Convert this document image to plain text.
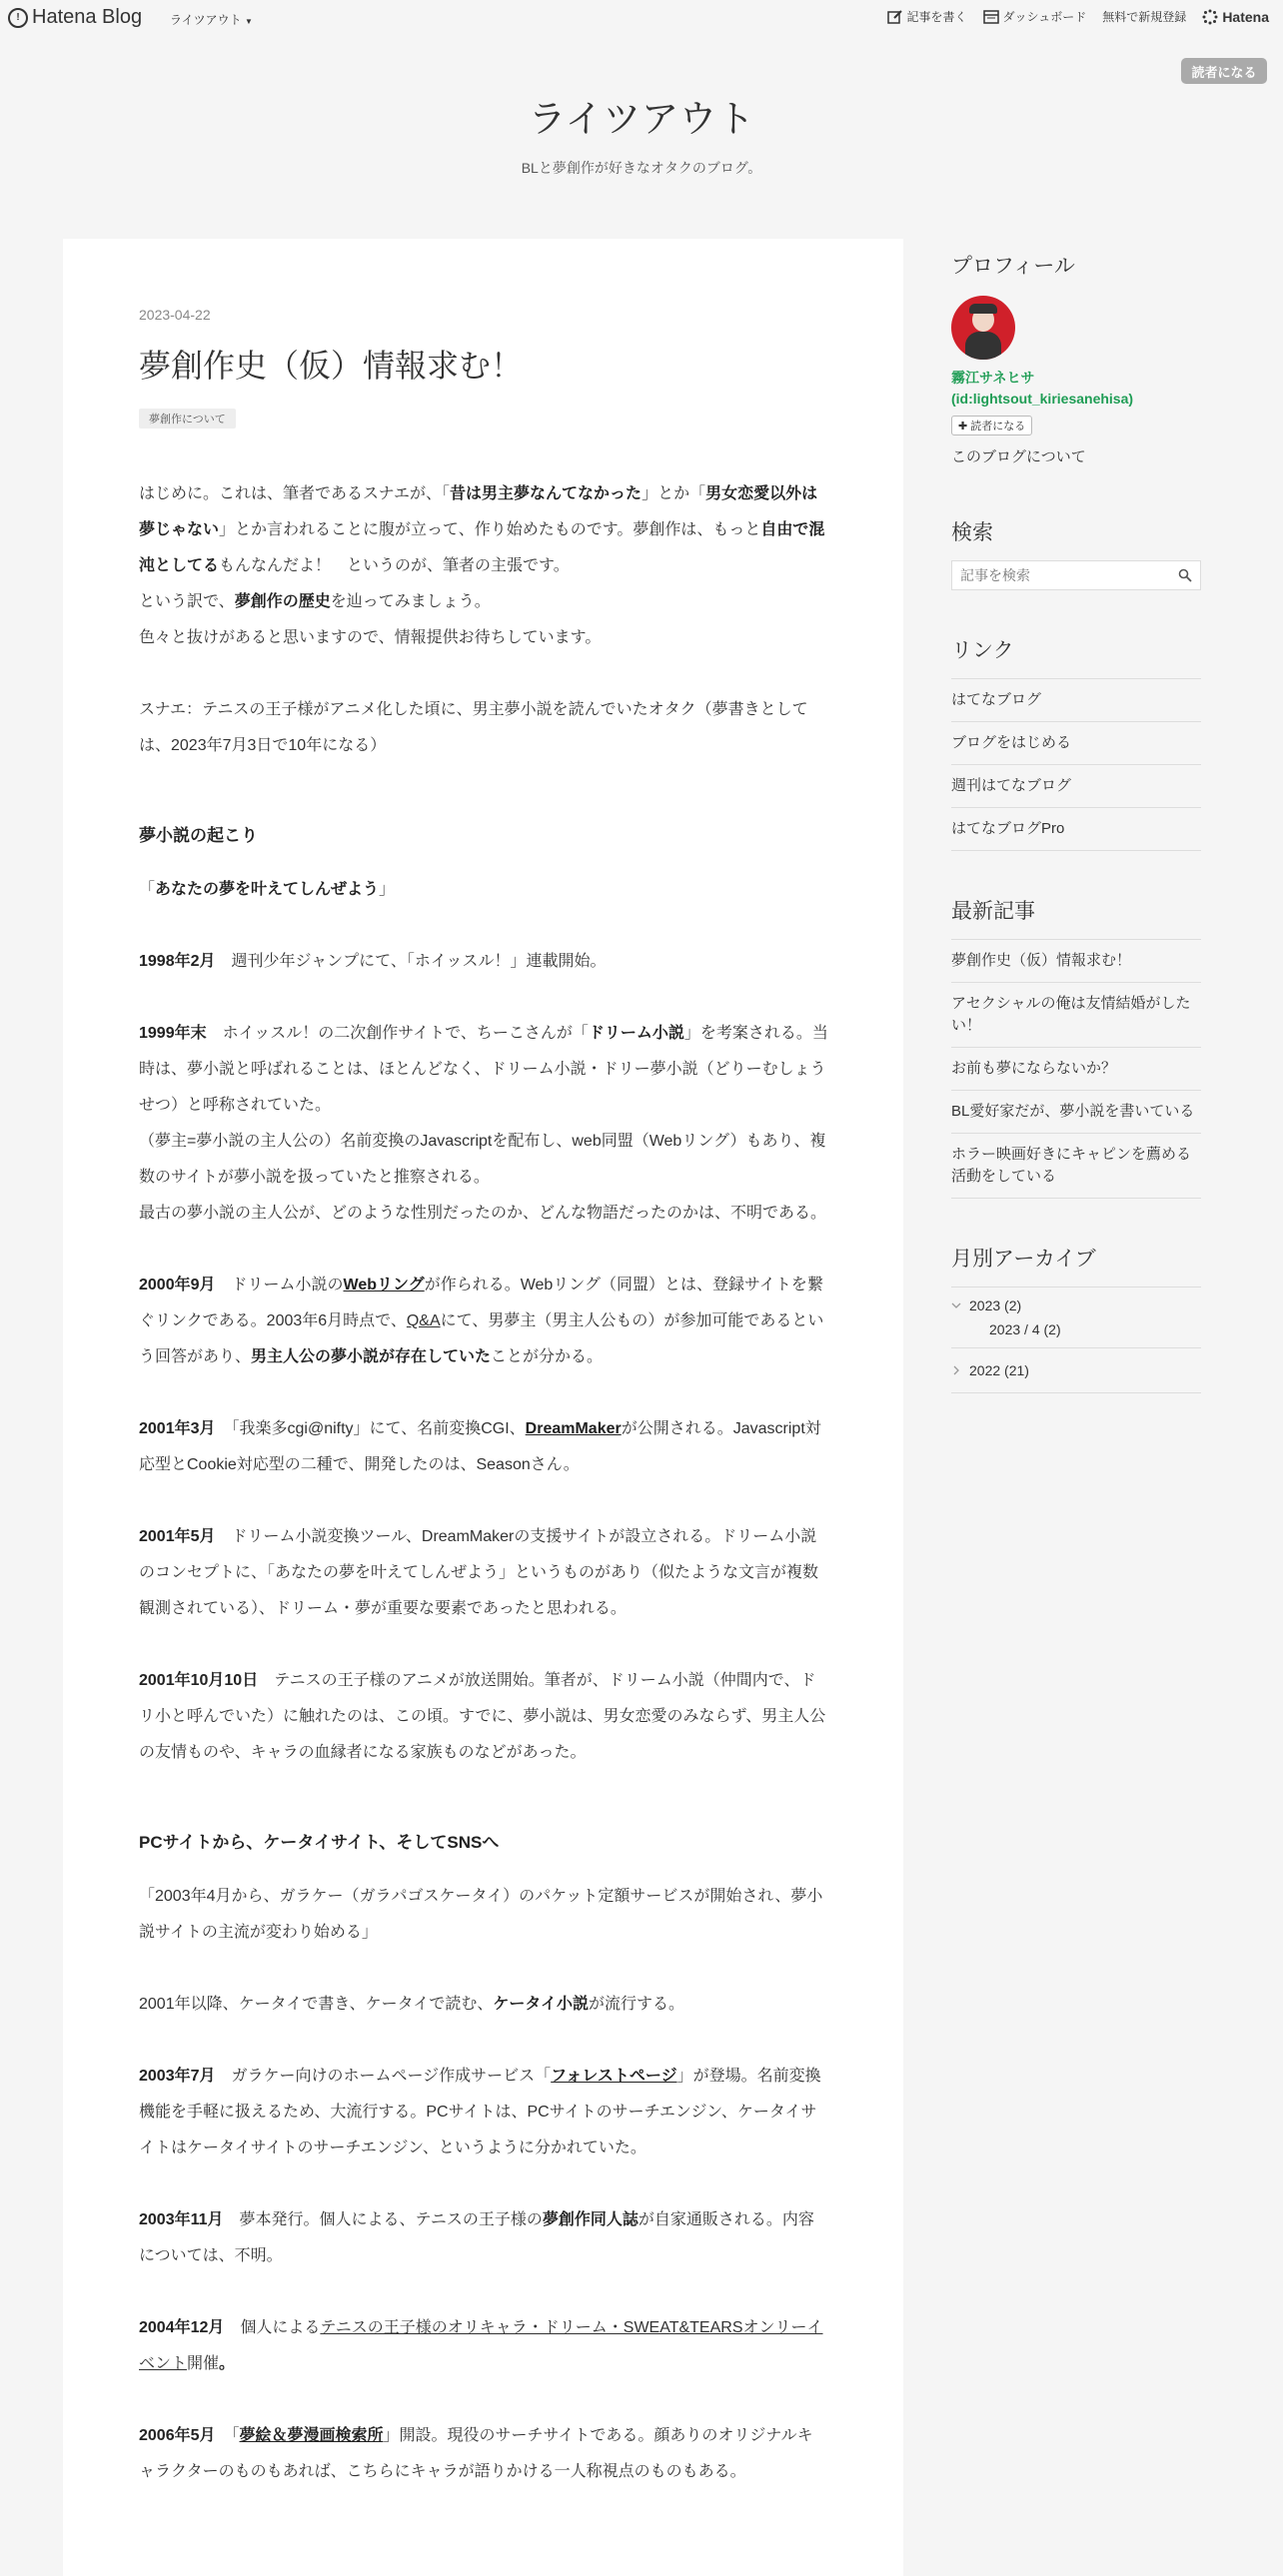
! Hatena Blog ライツアウト ▼	記事を書く	ダッシュボード 無料で新規登録	Hatena
読者になる
ライツアウト
BLと夢創作が好きなオタクのブログ。
2023-04-22
夢創作史（仮）情報求む！
夢創作について

はじめに。これは、筆者であるスナエが、「昔は男主夢なんてなかった」とか「男女恋愛以外は夢じゃない」とか言われることに腹が立って、作り始めたものです。夢創作は、もっと自由で混沌としてるもんなんだよ！　というのが、筆者の主張です。

という訳で、夢創作の歴史を辿ってみましょう。

色々と抜けがあると思いますので、情報提供お待ちしています。

スナエ：テニスの王子様がアニメ化した頃に、男主夢小説を読んでいたオタク（夢書きとしては、2023年7月3日で10年になる）

夢小説の起こり

「あなたの夢を叶えてしんぜよう」

1998年2月　週刊少年ジャンプにて、「ホイッスル！」連載開始。

1999年末　ホイッスル！の二次創作サイトで、ちーこさんが「ドリーム小説」を考案される。当時は、夢小説と呼ばれることは、ほとんどなく、ドリーム小説・ドリー夢小説（どりーむしょうせつ）と呼称されていた。

（夢主=夢小説の主人公の）名前変換のJavascriptを配布し、web同盟（Webリング）もあり、複数のサイトが夢小説を扱っていたと推察される。

最古の夢小説の主人公が、どのような性別だったのか、どんな物語だったのかは、不明である。

2000年9月　ドリーム小説のWebリングが作られる。Webリング（同盟）とは、登録サイトを繋ぐリンクである。2003年6月時点で、Q&Aにて、男夢主（男主人公もの）が参加可能であるという回答があり、男主人公の夢小説が存在していたことが分かる。

2001年3月　「我楽多cgi@nifty」にて、名前変換CGI、DreamMakerが公開される。Javascript対応型とCookie対応型の二種で、開発したのは、Seasonさん。

2001年5月　ドリーム小説変換ツール、DreamMakerの支援サイトが設立される。ドリーム小説のコンセプトに、「あなたの夢を叶えてしんぜよう」というものがあり（似たような文言が複数観測されている）、ドリーム・夢が重要な要素であったと思われる。

2001年10月10日　テニスの王子様のアニメが放送開始。筆者が、ドリーム小説（仲間内で、ドリ小と呼んでいた）に触れたのは、この頃。すでに、夢小説は、男女恋愛のみならず、男主人公の友情ものや、キャラの血縁者になる家族ものなどがあった。

PCサイトから、ケータイサイト、そしてSNSへ

「2003年4月から、ガラケー（ガラパゴスケータイ）のパケット定額サービスが開始され、夢小説サイトの主流が変わり始める」

2001年以降、ケータイで書き、ケータイで読む、ケータイ小説が流行する。

2003年7月　ガラケー向けのホームページ作成サービス「フォレストページ」が登場。名前変換機能を手軽に扱えるため、大流行する。PCサイトは、PCサイトのサーチエンジン、ケータイサイトはケータイサイトのサーチエンジン、というように分かれていた。

2003年11月　夢本発行。個人による、テニスの王子様の夢創作同人誌が自家通販される。内容については、不明。

2004年12月　個人によるテニスの王子様のオリキャラ・ドリーム・SWEAT&TEARSオンリーイベント開催。

2006年5月　「夢絵＆夢漫画検索所」開設。現役のサーチサイトである。顔ありのオリジナルキャラクターのものもあれば、こちらにキャラが語りかける一人称視点のものもある。

プロフィール
霧江サネヒサ
(id:lightsout_kiriesanehisa)
✚ 読者になる
このブログについて
検索
記事を検索
リンク
はてなブログ
ブログをはじめる
週刊はてなブログ
はてなブログPro
最新記事
夢創作史（仮）情報求む！
アセクシャルの俺は友情結婚がしたい！
お前も夢にならないか？
BL愛好家だが、夢小説を書いている
ホラー映画好きにキャピンを薦める活動をしている
月別アーカイブ
2023 (2)
2023 / 4 (2)
2022 (21)
